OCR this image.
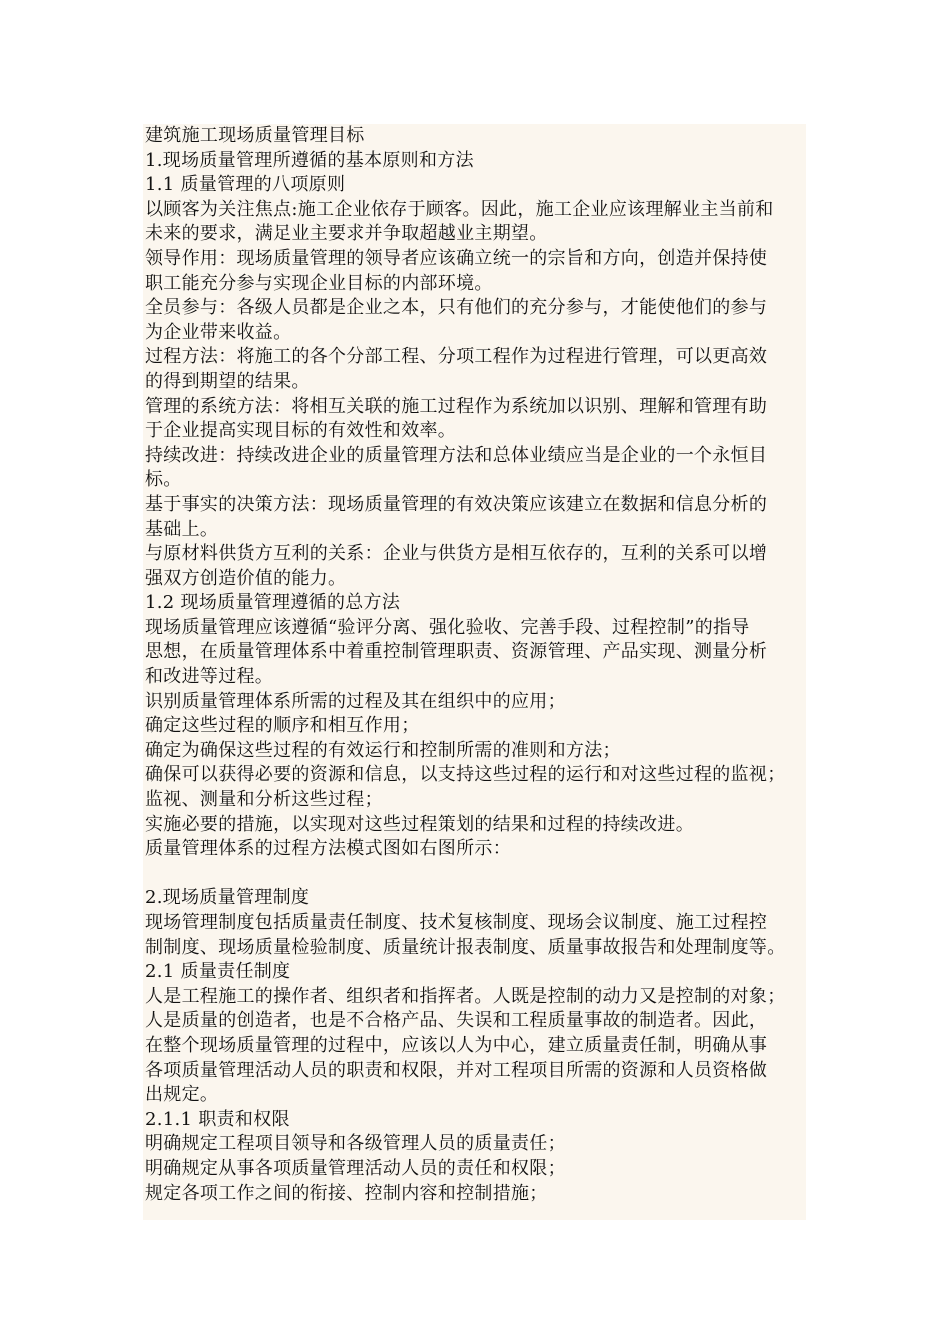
建筑施工现场质量管理目标

1.现场质量管理所遵循的基本原则和方法

1.1 质量管理的八项原则

以顾客为关注焦点:施工企业依存于顾客。因此，施工企业应该理解业主当前和

未来的要求，满足业主要求并争取超越业主期望。

领导作用：现场质量管理的领导者应该确立统一的宗旨和方向，创造并保持使

职工能充分参与实现企业目标的内部环境。

全员参与：各级人员都是企业之本，只有他们的充分参与，才能使他们的参与

为企业带来收益。

过程方法：将施工的各个分部工程、分项工程作为过程进行管理，可以更高效

的得到期望的结果。

管理的系统方法：将相互关联的施工过程作为系统加以识别、理解和管理有助

于企业提高实现目标的有效性和效率。

持续改进：持续改进企业的质量管理方法和总体业绩应当是企业的一个永恒目

标。

基于事实的决策方法：现场质量管理的有效决策应该建立在数据和信息分析的

基础上。

与原材料供货方互利的关系：企业与供货方是相互依存的，互利的关系可以增

强双方创造价值的能力。

1.2 现场质量管理遵循的总方法

现场质量管理应该遵循“验评分离、强化验收、完善手段、过程控制”的指导

思想，在质量管理体系中着重控制管理职责、资源管理、产品实现、测量分析

和改进等过程。

识别质量管理体系所需的过程及其在组织中的应用；

确定这些过程的顺序和相互作用；

确定为确保这些过程的有效运行和控制所需的准则和方法；

确保可以获得必要的资源和信息，以支持这些过程的运行和对这些过程的监视；

监视、测量和分析这些过程；

实施必要的措施，以实现对这些过程策划的结果和过程的持续改进。

质量管理体系的过程方法模式图如右图所示：

2.现场质量管理制度

现场管理制度包括质量责任制度、技术复核制度、现场会议制度、施工过程控

制制度、现场质量检验制度、质量统计报表制度、质量事故报告和处理制度等。

2.1 质量责任制度

人是工程施工的操作者、组织者和指挥者。人既是控制的动力又是控制的对象；

人是质量的创造者，也是不合格产品、失误和工程质量事故的制造者。因此，

在整个现场质量管理的过程中，应该以人为中心，建立质量责任制，明确从事

各项质量管理活动人员的职责和权限，并对工程项目所需的资源和人员资格做

出规定。

2.1.1 职责和权限

明确规定工程项目领导和各级管理人员的质量责任；

明确规定从事各项质量管理活动人员的责任和权限；

规定各项工作之间的衔接、控制内容和控制措施；
